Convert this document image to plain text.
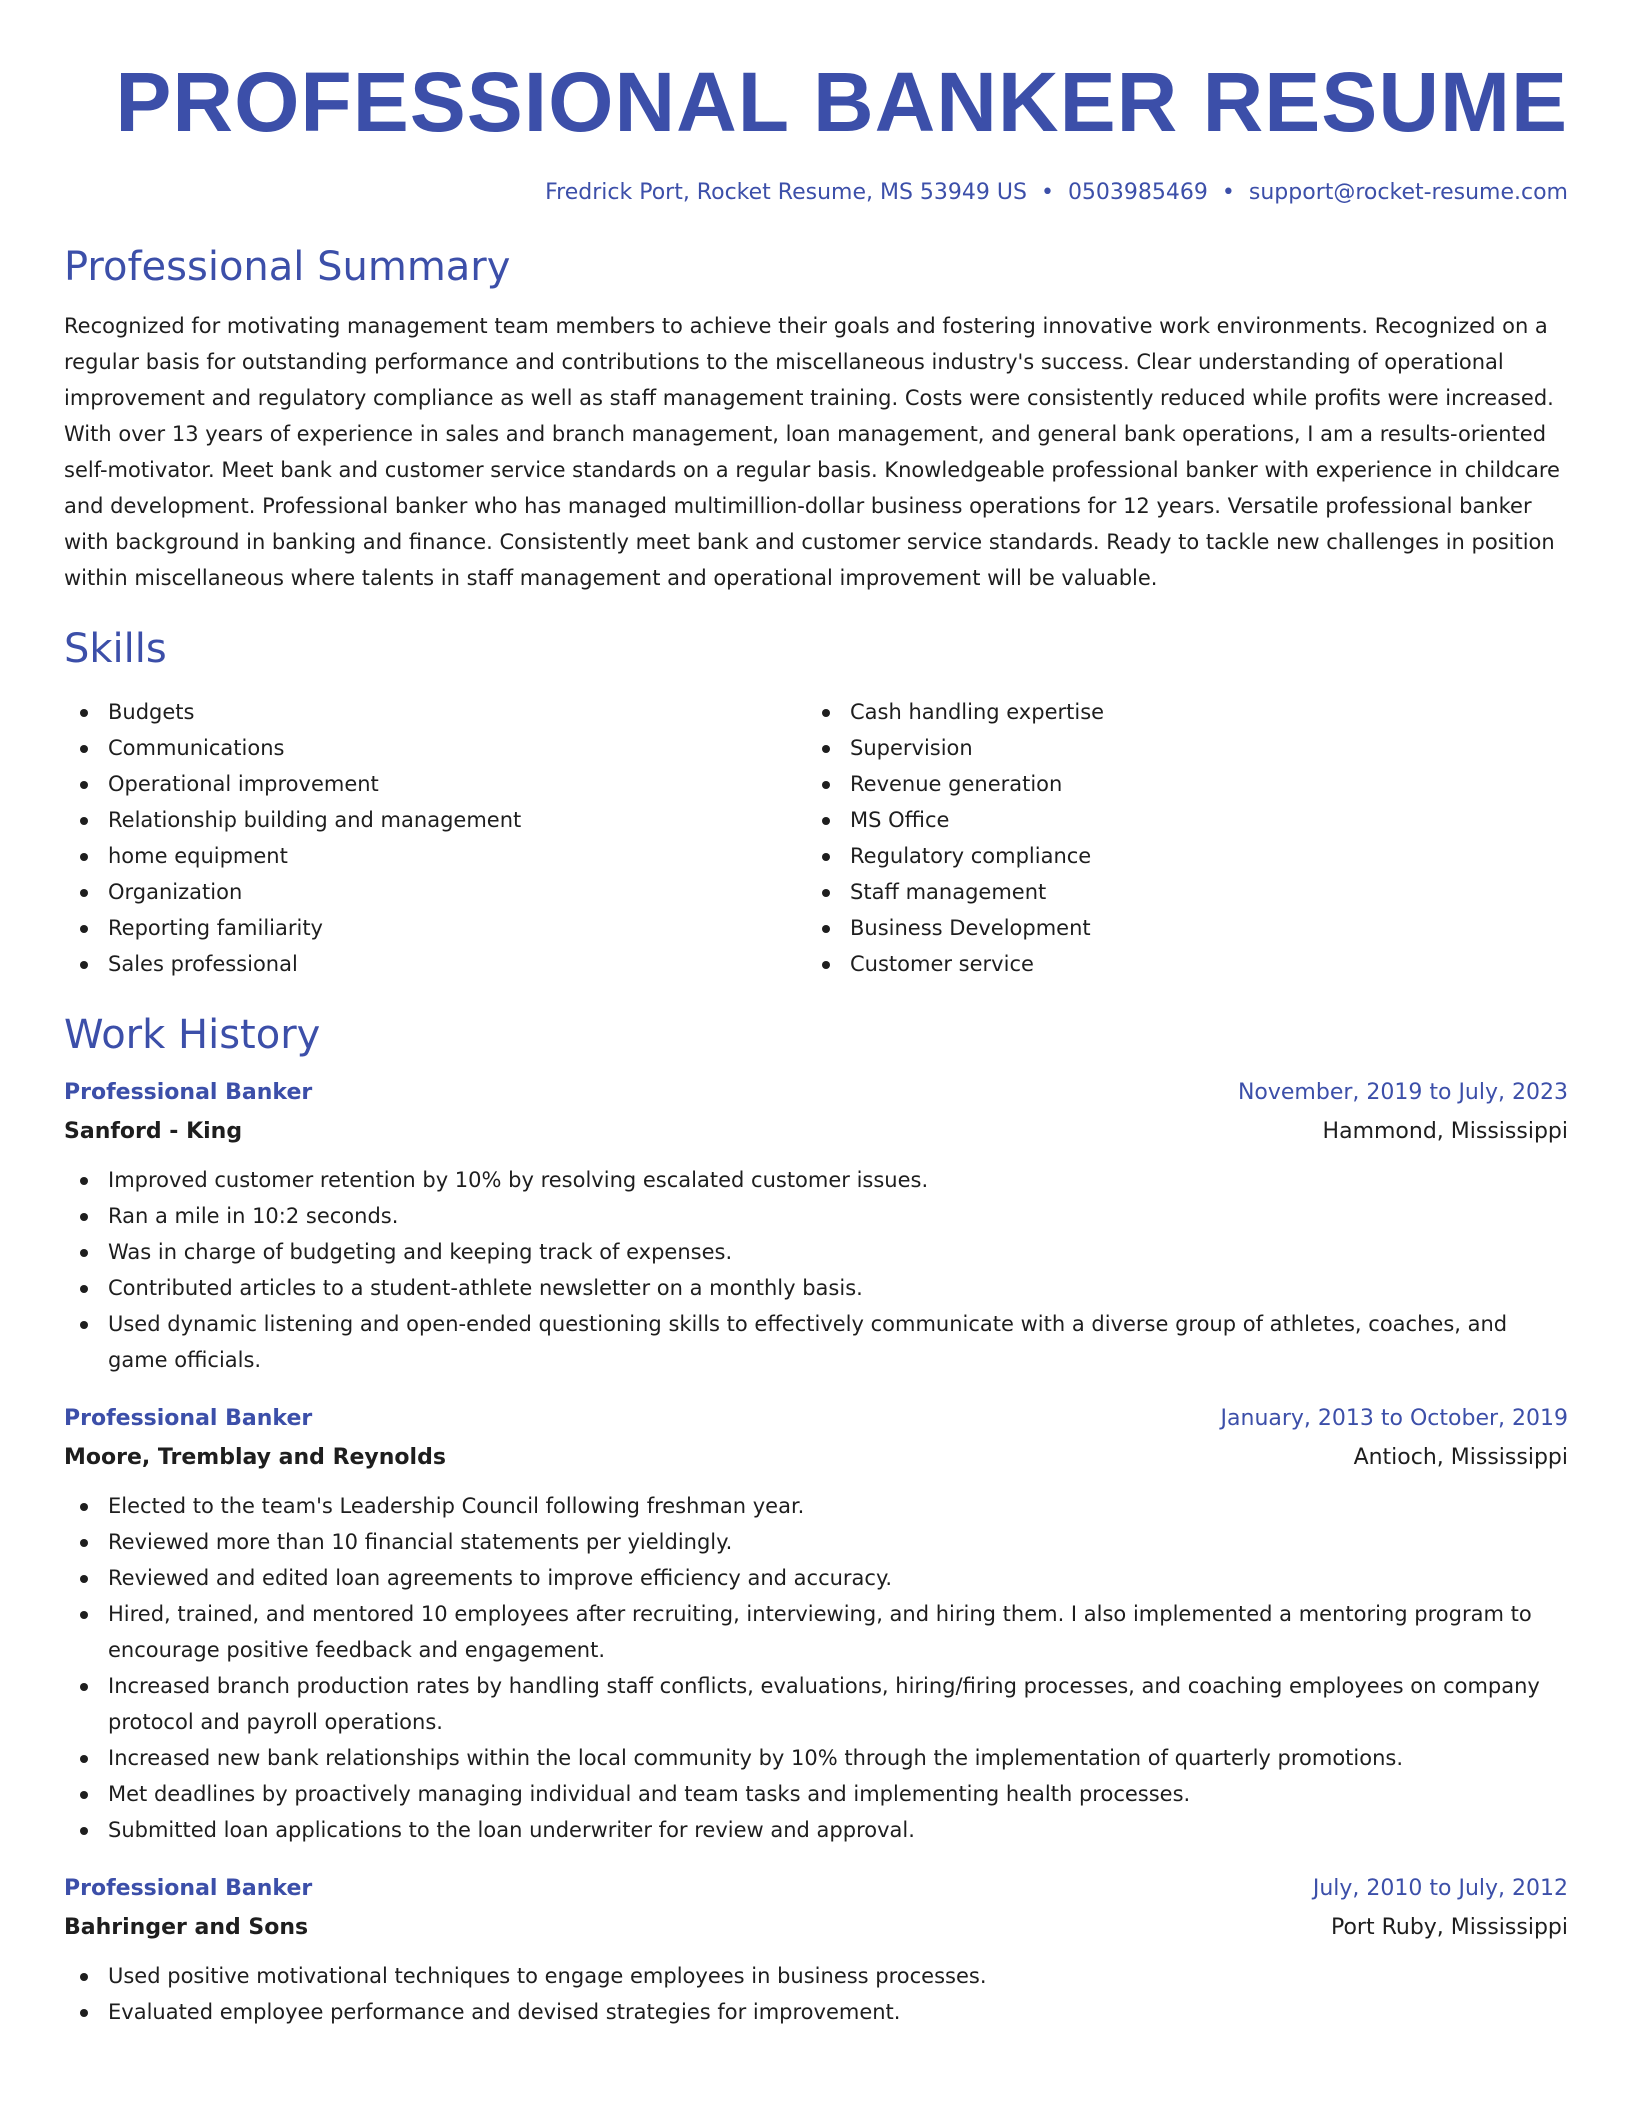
PROFESSIONAL BANKER RESUME
Fredrick Port, Rocket Resume, MS 53949 US • 0503985469 • support@rocket-resume.com
Professional Summary

Recognized for motivating management team members to achieve their goals and fostering innovative work environments. Recognized on a regular basis for outstanding performance and contributions to the miscellaneous industry's success. Clear understanding of operational improvement and regulatory compliance as well as staff management training. Costs were consistently reduced while profits were increased. With over 13 years of experience in sales and branch management, loan management, and general bank operations, I am a results-oriented self-motivator. Meet bank and customer service standards on a regular basis. Knowledgeable professional banker with experience in childcare and development. Professional banker who has managed multimillion-dollar business operations for 12 years. Versatile professional banker with background in banking and finance. Consistently meet bank and customer service standards. Ready to tackle new challenges in position within miscellaneous where talents in staff management and operational improvement will be valuable.

Skills
Budgets
Communications
Operational improvement
Relationship building and management
home equipment
Organization
Reporting familiarity
Sales professional
Cash handling expertise
Supervision
Revenue generation
MS Office
Regulatory compliance
Staff management
Business Development
Customer service
Work History
Professional Banker	November, 2019 to July, 2023
Sanford - King	Hammond, Mississippi
Improved customer retention by 10% by resolving escalated customer issues.
Ran a mile in 10:2 seconds.
Was in charge of budgeting and keeping track of expenses.
Contributed articles to a student-athlete newsletter on a monthly basis.
Used dynamic listening and open-ended questioning skills to effectively communicate with a diverse group of athletes, coaches, and game officials.
Professional Banker	January, 2013 to October, 2019
Moore, Tremblay and Reynolds	Antioch, Mississippi
Elected to the team's Leadership Council following freshman year.
Reviewed more than 10 financial statements per yieldingly.
Reviewed and edited loan agreements to improve efficiency and accuracy.
Hired, trained, and mentored 10 employees after recruiting, interviewing, and hiring them. I also implemented a mentoring program to encourage positive feedback and engagement.
Increased branch production rates by handling staff conflicts, evaluations, hiring/firing processes, and coaching employees on company protocol and payroll operations.
Increased new bank relationships within the local community by 10% through the implementation of quarterly promotions.
Met deadlines by proactively managing individual and team tasks and implementing health processes.
Submitted loan applications to the loan underwriter for review and approval.
Professional Banker	July, 2010 to July, 2012
Bahringer and Sons	Port Ruby, Mississippi
Used positive motivational techniques to engage employees in business processes.
Evaluated employee performance and devised strategies for improvement.
